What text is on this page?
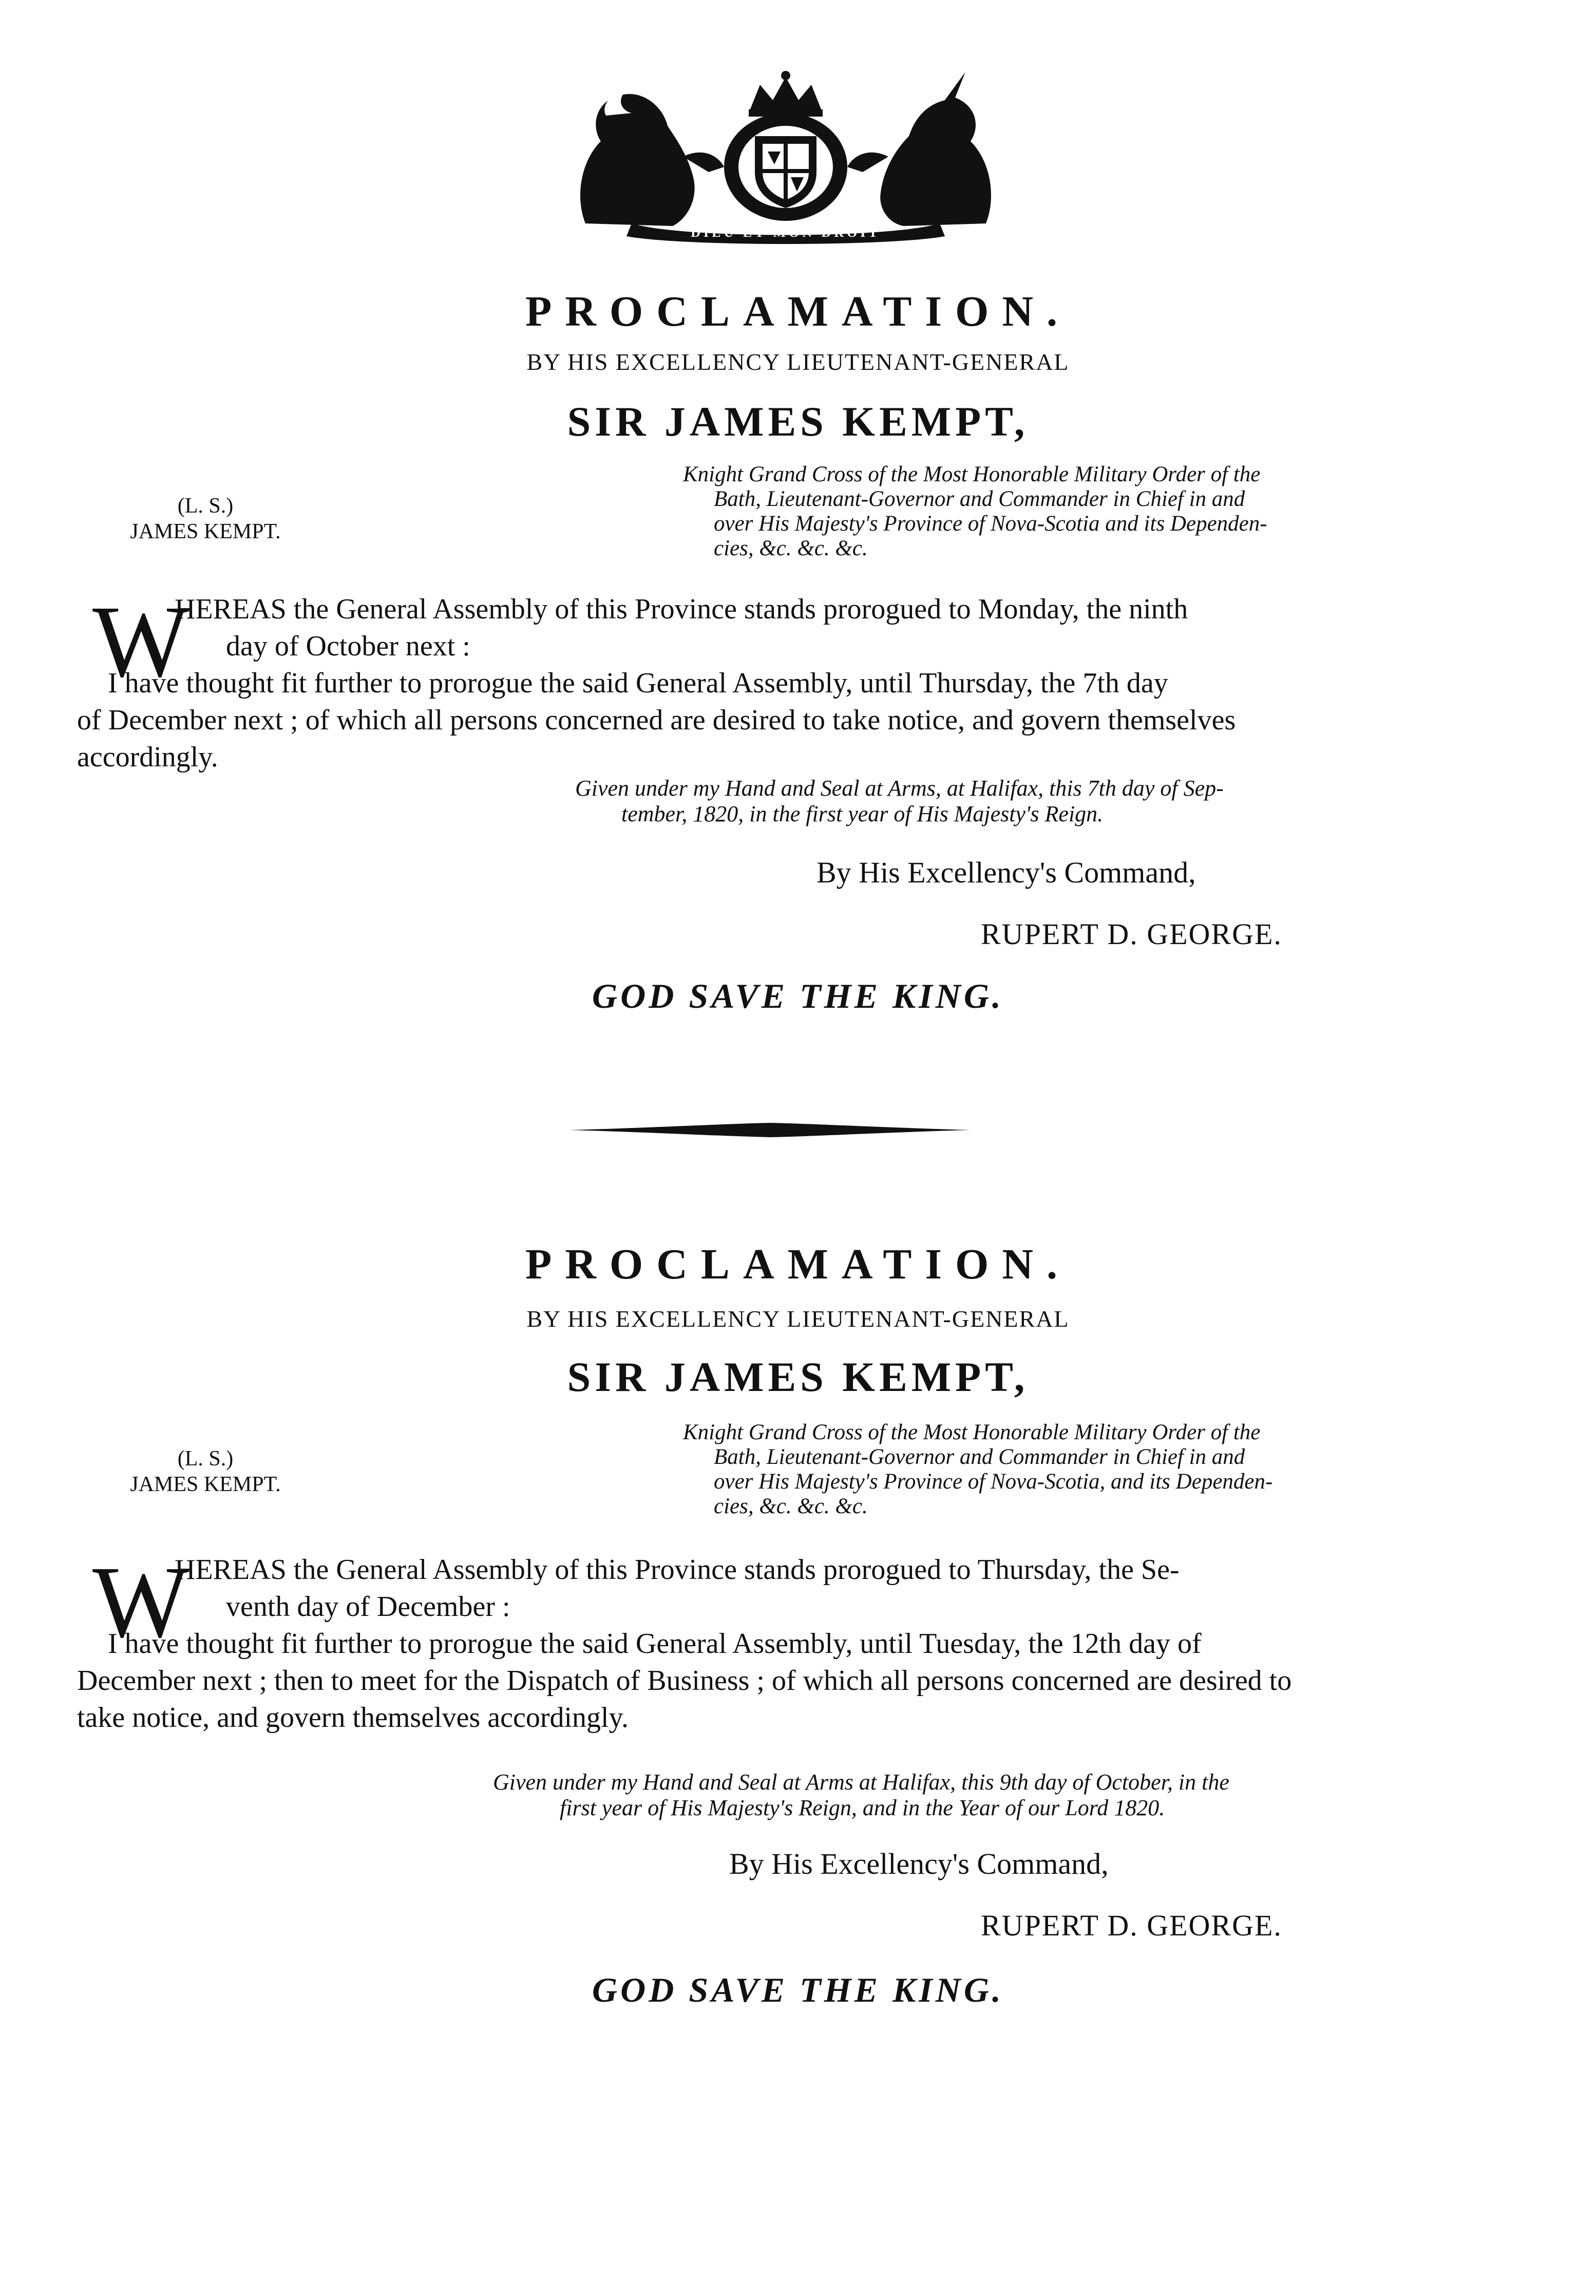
DIEU ET MON DROIT
PROCLAMATION.
BY HIS EXCELLENCY LIEUTENANT-GENERAL
SIR JAMES KEMPT,
(L. S.)
JAMES KEMPT.
Knight Grand Cross of the Most Honorable Military Order of the
Bath, Lieutenant-Governor and Commander in Chief in and
over His Majesty's Province of Nova-Scotia and its Dependen-
cies, &c. &c. &c.
W
HEREAS the General Assembly of this Province stands prorogued to Monday, the ninth
day of October next :
I have thought fit further to prorogue the said General Assembly, until Thursday, the 7th day
of December next ; of which all persons concerned are desired to take notice, and govern themselves
accordingly.
Given under my Hand and Seal at Arms, at Halifax, this 7th day of Sep-
tember, 1820, in the first year of His Majesty's Reign.
By His Excellency's Command,
RUPERT D. GEORGE.
GOD SAVE THE KING.
PROCLAMATION.
BY HIS EXCELLENCY LIEUTENANT-GENERAL
SIR JAMES KEMPT,
(L. S.)
JAMES KEMPT.
Knight Grand Cross of the Most Honorable Military Order of the
Bath, Lieutenant-Governor and Commander in Chief in and
over His Majesty's Province of Nova-Scotia, and its Dependen-
cies, &c. &c. &c.
W
HEREAS the General Assembly of this Province stands prorogued to Thursday, the Se-
venth day of December :
I have thought fit further to prorogue the said General Assembly, until Tuesday, the 12th day of
December next ; then to meet for the Dispatch of Business ; of which all persons concerned are desired to
take notice, and govern themselves accordingly.
Given under my Hand and Seal at Arms at Halifax, this 9th day of October, in the
first year of His Majesty's Reign, and in the Year of our Lord 1820.
By His Excellency's Command,
RUPERT D. GEORGE.
GOD SAVE THE KING.
